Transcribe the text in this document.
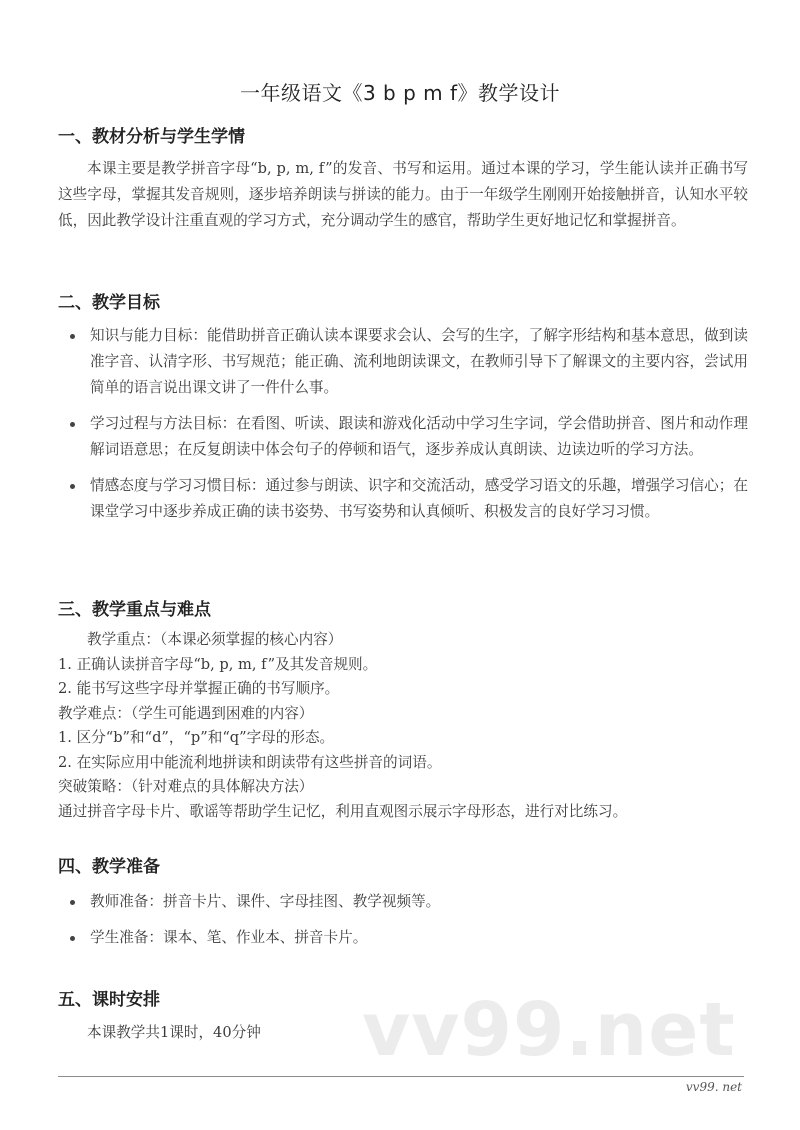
一年级语文《3 b p m f》教学设计
一、教材分析与学生学情

本课主要是教学拼音字母“b, p, m, f”的发音、书写和运用。通过本课的学习，学生能认读并正确书写这些字母，掌握其发音规则，逐步培养朗读与拼读的能力。由于一年级学生刚刚开始接触拼音，认知水平较低，因此教学设计注重直观的学习方式，充分调动学生的感官，帮助学生更好地记忆和掌握拼音。

二、教学目标
知识与能力目标：能借助拼音正确认读本课要求会认、会写的生字，了解字形结构和基本意思，做到读准字音、认清字形、书写规范；能正确、流利地朗读课文，在教师引导下了解课文的主要内容，尝试用简单的语言说出课文讲了一件什么事。
学习过程与方法目标：在看图、听读、跟读和游戏化活动中学习生字词，学会借助拼音、图片和动作理解词语意思；在反复朗读中体会句子的停顿和语气，逐步养成认真朗读、边读边听的学习方法。
情感态度与学习习惯目标：通过参与朗读、识字和交流活动，感受学习语文的乐趣，增强学习信心；在课堂学习中逐步养成正确的读书姿势、书写姿势和认真倾听、积极发言的良好学习习惯。
三、教学重点与难点
教学重点：（本课必须掌握的核心内容）
1. 正确认读拼音字母“b, p, m, f”及其发音规则。
2. 能书写这些字母并掌握正确的书写顺序。
教学难点：（学生可能遇到困难的内容）
1. 区分“b”和“d”，“p”和“q”字母的形态。
2. 在实际应用中能流利地拼读和朗读带有这些拼音的词语。
突破策略：（针对难点的具体解决方法）
通过拼音字母卡片、歌谣等帮助学生记忆，利用直观图示展示字母形态，进行对比练习。
四、教学准备
教师准备：拼音卡片、课件、字母挂图、教学视频等。
学生准备：课本、笔、作业本、拼音卡片。
五、课时安排

本课教学共1课时，40分钟	vv99.net
vv99. net
